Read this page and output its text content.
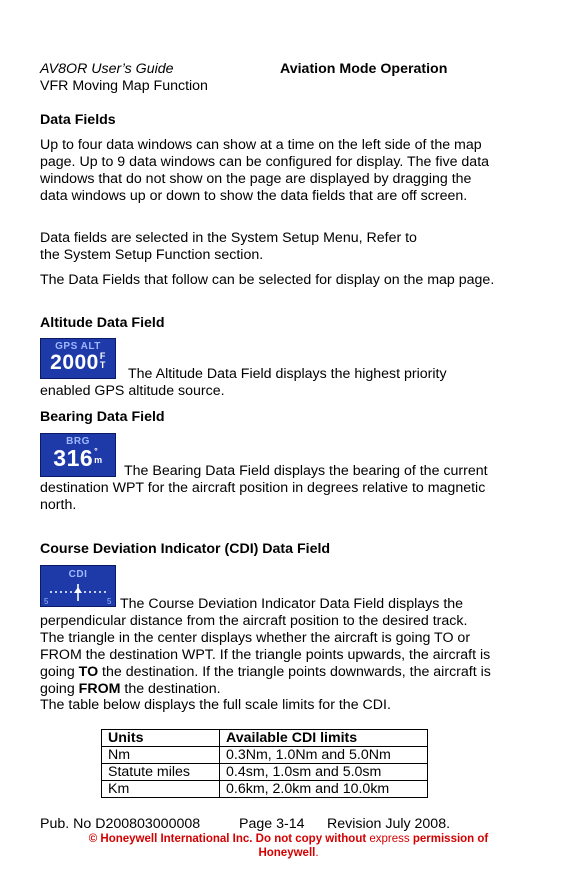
AV8OR User’s Guide	Aviation Mode Operation
VFR Moving Map Function
Data Fields

Up to four data windows can show at a time on the left side of the map page. Up to 9 data windows can be configured for display. The five data windows that do not show on the page are displayed by dragging the data windows up or down to show the data fields that are off screen.

Data fields are selected in the System Setup Menu, Refer to the System Setup Function section.

The Data Fields that follow can be selected for display on the map page.

Altitude Data Field
GPS ALT
2000F
T

The Altitude Data Field displays the highest priority enabled GPS altitude source.

Bearing Data Field
BRG
316°
m

The Bearing Data Field displays the bearing of the current destination WPT for the aircraft position in degrees relative to magnetic north.

Course Deviation Indicator (CDI) Data Field
CDI
5	5 The Course Deviation Indicator Data Field displays the perpendicular distance from the aircraft position to the desired track. The triangle in the center displays whether the aircraft is going TO or FROM the destination WPT. If the triangle points upwards, the aircraft is going TO the destination. If the triangle points downwards, the aircraft is going FROM the destination.

The table below displays the full scale limits for the CDI.
Units	Available CDI limits
Nm	0.3Nm, 1.0Nm and 5.0Nm
Statute miles	0.4sm, 1.0sm and 5.0sm
Km	0.6km, 2.0km and 10.0km
Pub. No D200803000008	Page 3-14 Revision July 2008.
© Honeywell International Inc. Do not copy without express permission of
Honeywell.
